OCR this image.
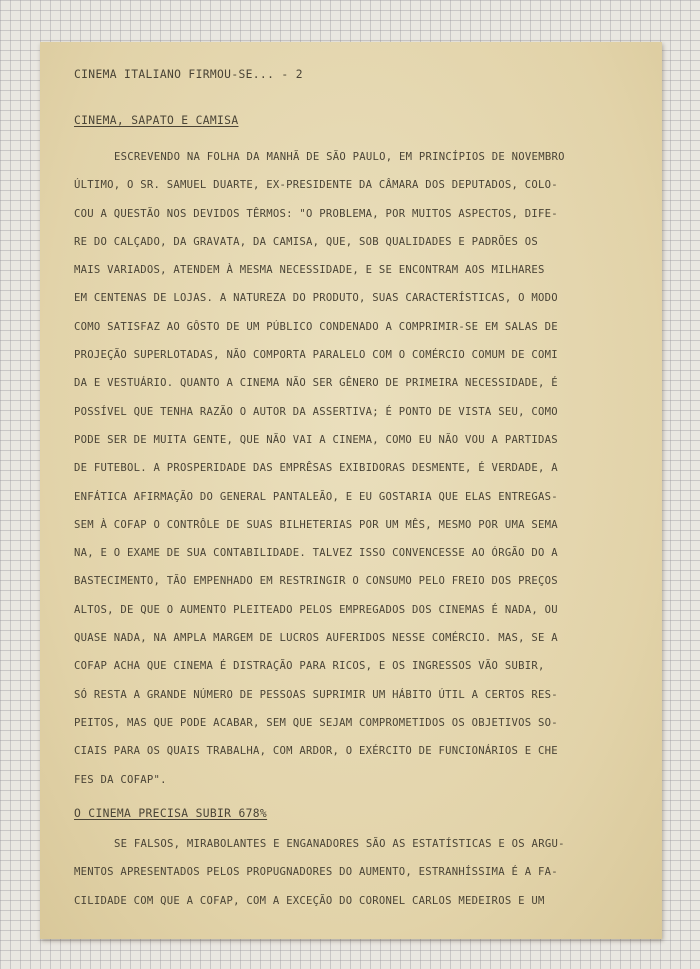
CINEMA ITALIANO FIRMOU-SE... - 2
CINEMA, SAPATO E CAMISA
ESCREVENDO NA FOLHA DA MANHÃ DE SÃO PAULO, EM PRINCÍPIOS DE NOVEMBRO
ÚLTIMO, O SR. SAMUEL DUARTE, EX-PRESIDENTE DA CÂMARA DOS DEPUTADOS, COLO-
COU A QUESTÃO NOS DEVIDOS TÊRMOS: "O PROBLEMA, POR MUITOS ASPECTOS, DIFE-
RE DO CALÇADO, DA GRAVATA, DA CAMISA, QUE, SOB QUALIDADES E PADRÕES OS
MAIS VARIADOS, ATENDEM À MESMA NECESSIDADE, E SE ENCONTRAM AOS MILHARES
EM CENTENAS DE LOJAS. A NATUREZA DO PRODUTO, SUAS CARACTERÍSTICAS, O MODO
COMO SATISFAZ AO GÔSTO DE UM PÚBLICO CONDENADO A COMPRIMIR-SE EM SALAS DE
PROJEÇÃO SUPERLOTADAS, NÃO COMPORTA PARALELO COM O COMÉRCIO COMUM DE COMI
DA E VESTUÁRIO. QUANTO A CINEMA NÃO SER GÊNERO DE PRIMEIRA NECESSIDADE, É
POSSÍVEL QUE TENHA RAZÃO O AUTOR DA ASSERTIVA; É PONTO DE VISTA SEU, COMO
PODE SER DE MUITA GENTE, QUE NÃO VAI A CINEMA, COMO EU NÃO VOU A PARTIDAS
DE FUTEBOL. A PROSPERIDADE DAS EMPRÊSAS EXIBIDORAS DESMENTE, É VERDADE, A
ENFÁTICA AFIRMAÇÃO DO GENERAL PANTALEÃO, E EU GOSTARIA QUE ELAS ENTREGAS-
SEM À COFAP O CONTRÔLE DE SUAS BILHETERIAS POR UM MÊS, MESMO POR UMA SEMA
NA, E O EXAME DE SUA CONTABILIDADE. TALVEZ ISSO CONVENCESSE AO ÓRGÃO DO A
BASTECIMENTO, TÃO EMPENHADO EM RESTRINGIR O CONSUMO PELO FREIO DOS PREÇOS
ALTOS, DE QUE O AUMENTO PLEITEADO PELOS EMPREGADOS DOS CINEMAS É NADA, OU
QUASE NADA, NA AMPLA MARGEM DE LUCROS AUFERIDOS NESSE COMÉRCIO. MAS, SE A
COFAP ACHA QUE CINEMA É DISTRAÇÃO PARA RICOS, E OS INGRESSOS VÃO SUBIR,
SÓ RESTA A GRANDE NÚMERO DE PESSOAS SUPRIMIR UM HÁBITO ÚTIL A CERTOS RES-
PEITOS, MAS QUE PODE ACABAR, SEM QUE SEJAM COMPROMETIDOS OS OBJETIVOS SO-
CIAIS PARA OS QUAIS TRABALHA, COM ARDOR, O EXÉRCITO DE FUNCIONÁRIOS E CHE
FES DA COFAP".
O CINEMA PRECISA SUBIR 678%
SE FALSOS, MIRABOLANTES E ENGANADORES SÃO AS ESTATÍSTICAS E OS ARGU-
MENTOS APRESENTADOS PELOS PROPUGNADORES DO AUMENTO, ESTRANHÍSSIMA É A FA-
CILIDADE COM QUE A COFAP, COM A EXCEÇÃO DO CORONEL CARLOS MEDEIROS E UM
